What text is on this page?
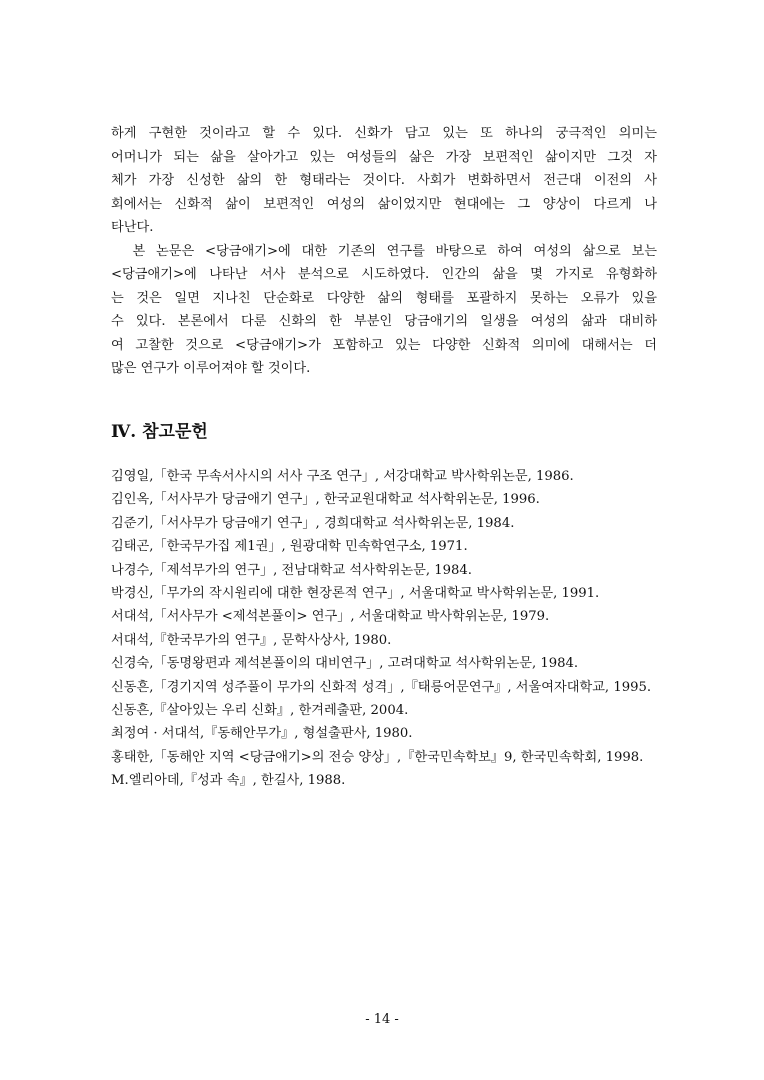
하게 구현한 것이라고 할 수 있다. 신화가 담고 있는 또 하나의 궁극적인 의미는
어머니가 되는 삶을 살아가고 있는 여성들의 삶은 가장 보편적인 삶이지만 그것 자
체가 가장 신성한 삶의 한 형태라는 것이다. 사회가 변화하면서 전근대 이전의 사
회에서는 신화적 삶이 보편적인 여성의 삶이었지만 현대에는 그 양상이 다르게 나
타난다.
본 논문은 <당금애기>에 대한 기존의 연구를 바탕으로 하여 여성의 삶으로 보는
<당금애기>에 나타난 서사 분석으로 시도하였다. 인간의 삶을 몇 가지로 유형화하
는 것은 일면 지나친 단순화로 다양한 삶의 형태를 포괄하지 못하는 오류가 있을
수 있다. 본론에서 다룬 신화의 한 부분인 당금애기의 일생을 여성의 삶과 대비하
여 고찰한 것으로 <당금애기>가 포함하고 있는 다양한 신화적 의미에 대해서는 더
많은 연구가 이루어져야 할 것이다.
Ⅳ. 참고문헌
김영일,「한국 무속서사시의 서사 구조 연구」, 서강대학교 박사학위논문, 1986.
김인옥,「서사무가 당금애기 연구」, 한국교원대학교 석사학위논문, 1996.
김준기,「서사무가 당금애기 연구」, 경희대학교 석사학위논문, 1984.
김태곤,「한국무가집 제1권」, 원광대학 민속학연구소, 1971.
나경수,「제석무가의 연구」, 전남대학교 석사학위논문, 1984.
박경신,「무가의 작시원리에 대한 현장론적 연구」, 서울대학교 박사학위논문, 1991.
서대석,「서사무가 <제석본풀이> 연구」, 서울대학교 박사학위논문, 1979.
서대석,『한국무가의 연구』, 문학사상사, 1980.
신경숙,「동명왕편과 제석본풀이의 대비연구」, 고려대학교 석사학위논문, 1984.
신동흔,「경기지역 성주풀이 무가의 신화적 성격」,『태릉어문연구』, 서울여자대학교, 1995.
신동흔,『살아있는 우리 신화』, 한겨레출판, 2004.
최정여 · 서대석,『동해안무가』, 형설출판사, 1980.
홍태한,「동해안 지역 <당금애기>의 전승 양상」,『한국민속학보』9, 한국민속학회, 1998.
M.엘리아데,『성과 속』, 한길사, 1988.
- 14 -
